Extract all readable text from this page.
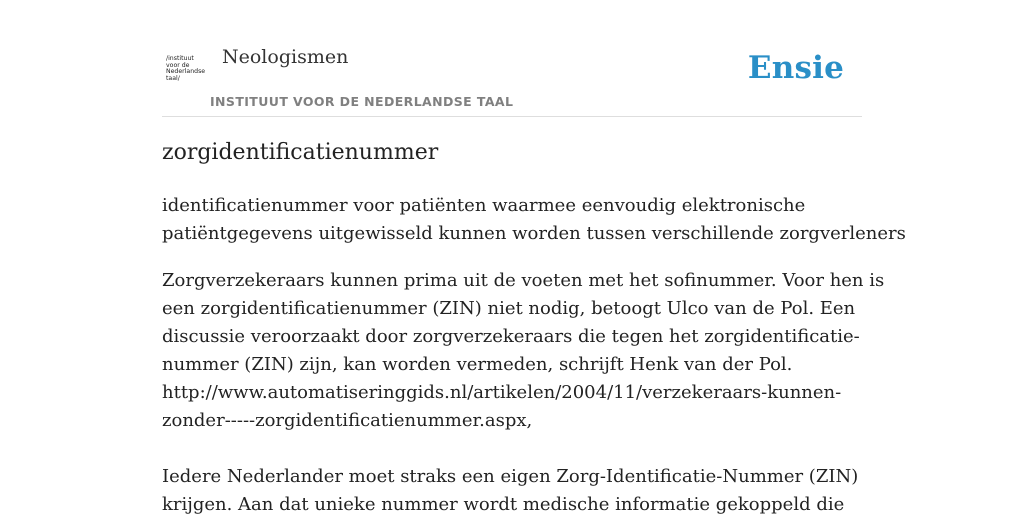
/instituut
voor de
Nederlandse
taal/
Neologismen
INSTITUUT VOOR DE NEDERLANDSE TAAL
Ensie
zorgidentificatienummer
identificatienummer voor patiënten waarmee eenvoudig elektronische
patiëntgegevens uitgewisseld kunnen worden tussen verschillende zorgverleners
Zorgverzekeraars kunnen prima uit de voeten met het sofinummer. Voor hen is
een zorgidentificatienummer (ZIN) niet nodig, betoogt Ulco van de Pol. Een
discussie veroorzaakt door zorgverzekeraars die tegen het zorgidentificatie-
nummer (ZIN) zijn, kan worden vermeden, schrijft Henk van der Pol.
http://www.automatiseringgids.nl/artikelen/2004/11/verzekeraars-kunnen-
zonder-----zorgidentificatienummer.aspx,
Iedere Nederlander moet straks een eigen Zorg-Identificatie-Nummer (ZIN)
krijgen. Aan dat unieke nummer wordt medische informatie gekoppeld die
